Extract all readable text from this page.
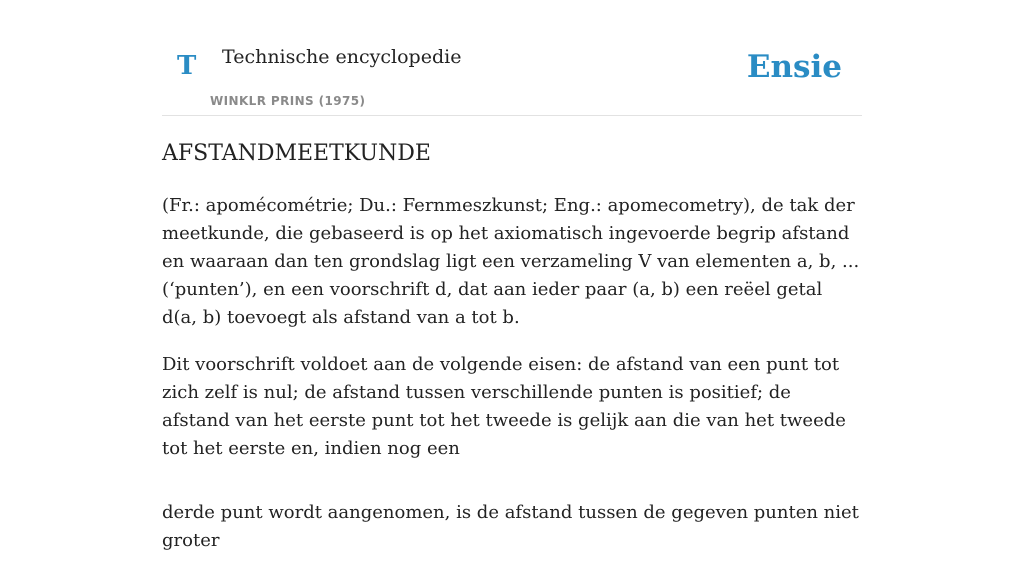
T Technische encyclopedie
WINKLR PRINS (1975)
Ensie
AFSTANDMEETKUNDE

(Fr.: apomécométrie; Du.: Fernmeszkunst; Eng.: apomecometry), de tak der meetkunde, die gebaseerd is op het axiomatisch ingevoerde begrip afstand en waaraan dan ten grondslag ligt een verzameling V van elementen a, b, ... (‘punten’), en een voorschrift d, dat aan ieder paar (a, b) een reëel getal d(a, b) toevoegt als afstand van a tot b.

Dit voorschrift voldoet aan de volgende eisen: de afstand van een punt tot zich zelf is nul; de afstand tussen verschillende punten is positief; de afstand van het eerste punt tot het tweede is gelijk aan die van het tweede tot het eerste en, indien nog een

derde punt wordt aangenomen, is de afstand tussen de gegeven punten niet groter
